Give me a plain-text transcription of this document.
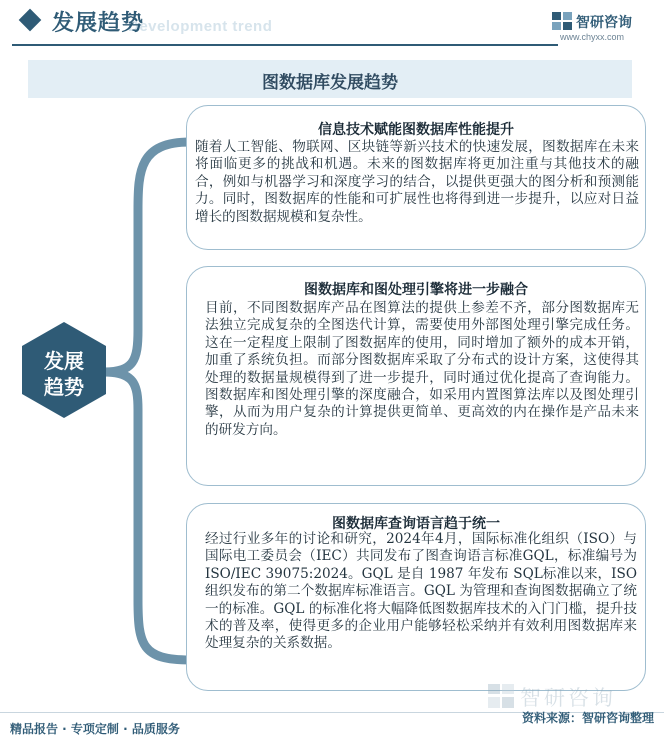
Development trend
发展趋势	智研咨询
www.chyxx.com
图数据库发展趋势
发展
趋势
信息技术赋能图数据库性能提升
随着人工智能、物联网、区块链等新兴技术的快速发展，图数据库在未来将面临更多的挑战和机遇。未来的图数据库将更加注重与其他技术的融合，例如与机器学习和深度学习的结合，以提供更强大的图分析和预测能力。同时，图数据库的性能和可扩展性也将得到进一步提升，以应对日益增长的图数据规模和复杂性。
图数据库和图处理引擎将进一步融合
目前，不同图数据库产品在图算法的提供上参差不齐，部分图数据库无法独立完成复杂的全图迭代计算，需要使用外部图处理引擎完成任务。这在一定程度上限制了图数据库的使用，同时增加了额外的成本开销，加重了系统负担。而部分图数据库采取了分布式的设计方案，这使得其处理的数据量规模得到了进一步提升，同时通过优化提高了查询能力。图数据库和图处理引擎的深度融合，如采用内置图算法库以及图处理引擎，从而为用户复杂的计算提供更简单、更高效的内在操作是产品未来的研发方向。
图数据库查询语言趋于统一
经过行业多年的讨论和研究，2024年4月，国际标准化组织（ISO）与国际电工委员会（IEC）共同发布了图查询语言标准GQL，标准编号为 ISO/IEC 39075:2024。GQL 是自 1987 年发布 SQL标准以来，ISO 组织发布的第二个数据库标准语言。GQL 为管理和查询图数据确立了统一的标准。GQL 的标准化将大幅降低图数据库技术的入门门槛，提升技术的普及率，使得更多的企业用户能够轻松采纳并有效利用图数据库来处理复杂的关系数据。
智研咨询
精品报告 · 专项定制 · 品质服务
资料来源：智研咨询整理
